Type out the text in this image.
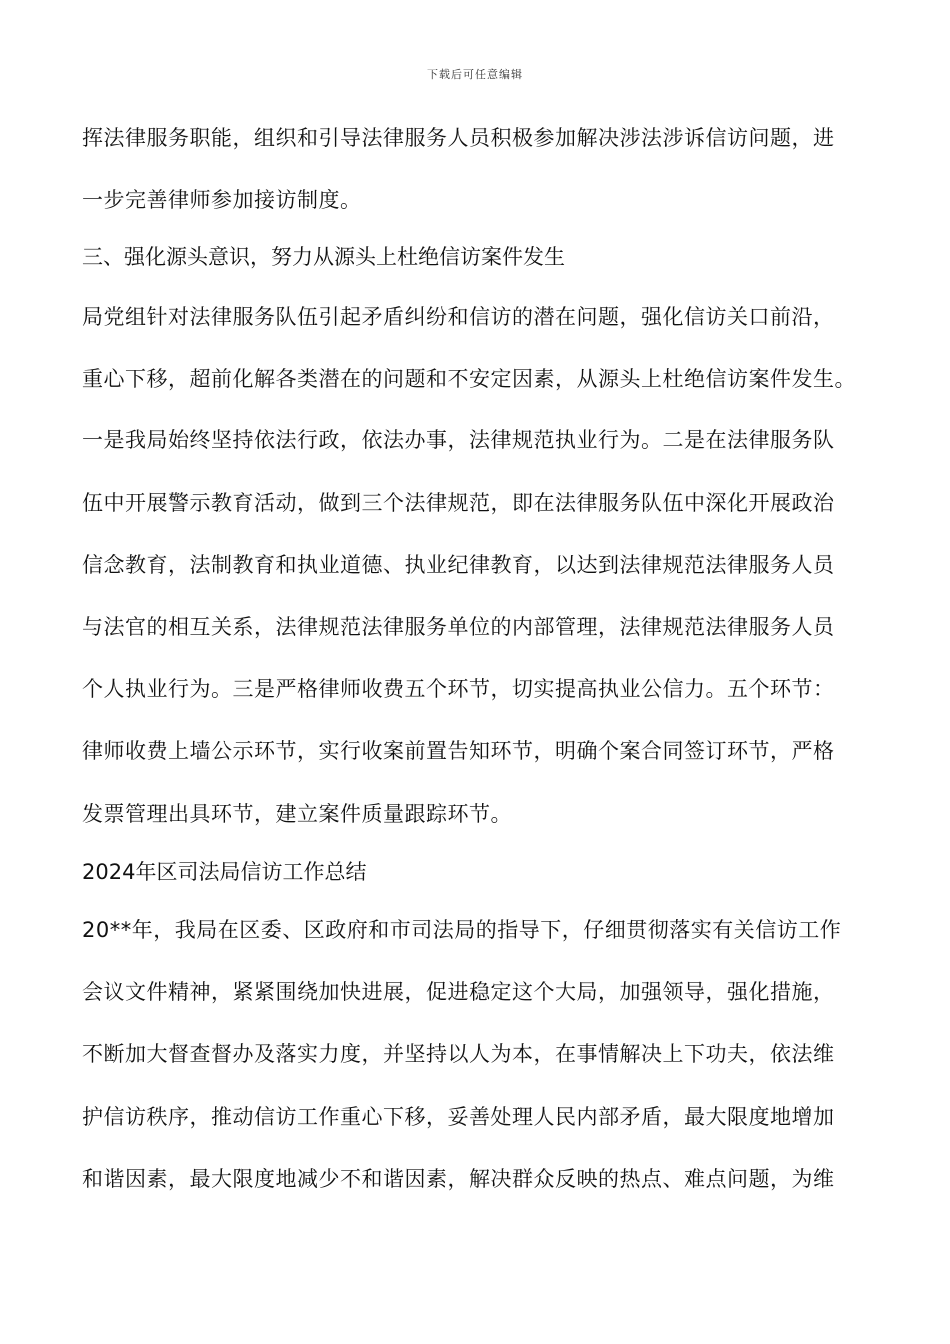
下载后可任意编辑
挥法律服务职能，组织和引导法律服务人员积极参加解决涉法涉诉信访问题，进
一步完善律师参加接访制度。
三、强化源头意识，努力从源头上杜绝信访案件发生
局党组针对法律服务队伍引起矛盾纠纷和信访的潜在问题，强化信访关口前沿，
重心下移，超前化解各类潜在的问题和不安定因素，从源头上杜绝信访案件发生。
一是我局始终坚持依法行政，依法办事，法律规范执业行为。二是在法律服务队
伍中开展警示教育活动，做到三个法律规范，即在法律服务队伍中深化开展政治
信念教育，法制教育和执业道德、执业纪律教育，以达到法律规范法律服务人员
与法官的相互关系，法律规范法律服务单位的内部管理，法律规范法律服务人员
个人执业行为。三是严格律师收费五个环节，切实提高执业公信力。五个环节：
律师收费上墙公示环节，实行收案前置告知环节，明确个案合同签订环节，严格
发票管理出具环节，建立案件质量跟踪环节。
2024年区司法局信访工作总结
20**年，我局在区委、区政府和市司法局的指导下，仔细贯彻落实有关信访工作
会议文件精神，紧紧围绕加快进展，促进稳定这个大局，加强领导，强化措施，
不断加大督查督办及落实力度，并坚持以人为本，在事情解决上下功夫，依法维
护信访秩序，推动信访工作重心下移，妥善处理人民内部矛盾，最大限度地增加
和谐因素，最大限度地减少不和谐因素，解决群众反映的热点、难点问题，为维
